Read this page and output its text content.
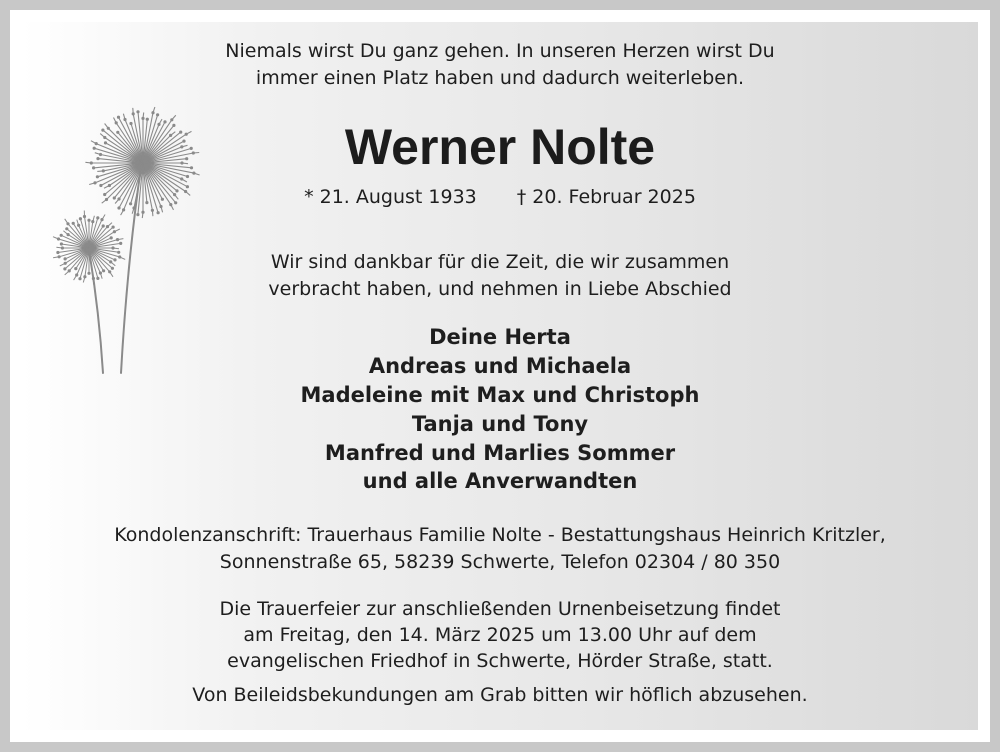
Niemals wirst Du ganz gehen. In unseren Herzen wirst Du
immer einen Platz haben und dadurch weiterleben.
Werner Nolte
* 21. August 1933 † 20. Februar 2025
Wir sind dankbar für die Zeit, die wir zusammen
verbracht haben, und nehmen in Liebe Abschied
Deine Herta
Andreas und Michaela
Madeleine mit Max und Christoph
Tanja und Tony
Manfred und Marlies Sommer
und alle Anverwandten
Kondolenzanschrift: Trauerhaus Familie Nolte - Bestattungshaus Heinrich Kritzler,
Sonnenstraße 65, 58239 Schwerte, Telefon 02304 / 80 350
Die Trauerfeier zur anschließenden Urnenbeisetzung findet
am Freitag, den 14. März 2025 um 13.00 Uhr auf dem
evangelischen Friedhof in Schwerte, Hörder Straße, statt.
Von Beileidsbekundungen am Grab bitten wir höflich abzusehen.
